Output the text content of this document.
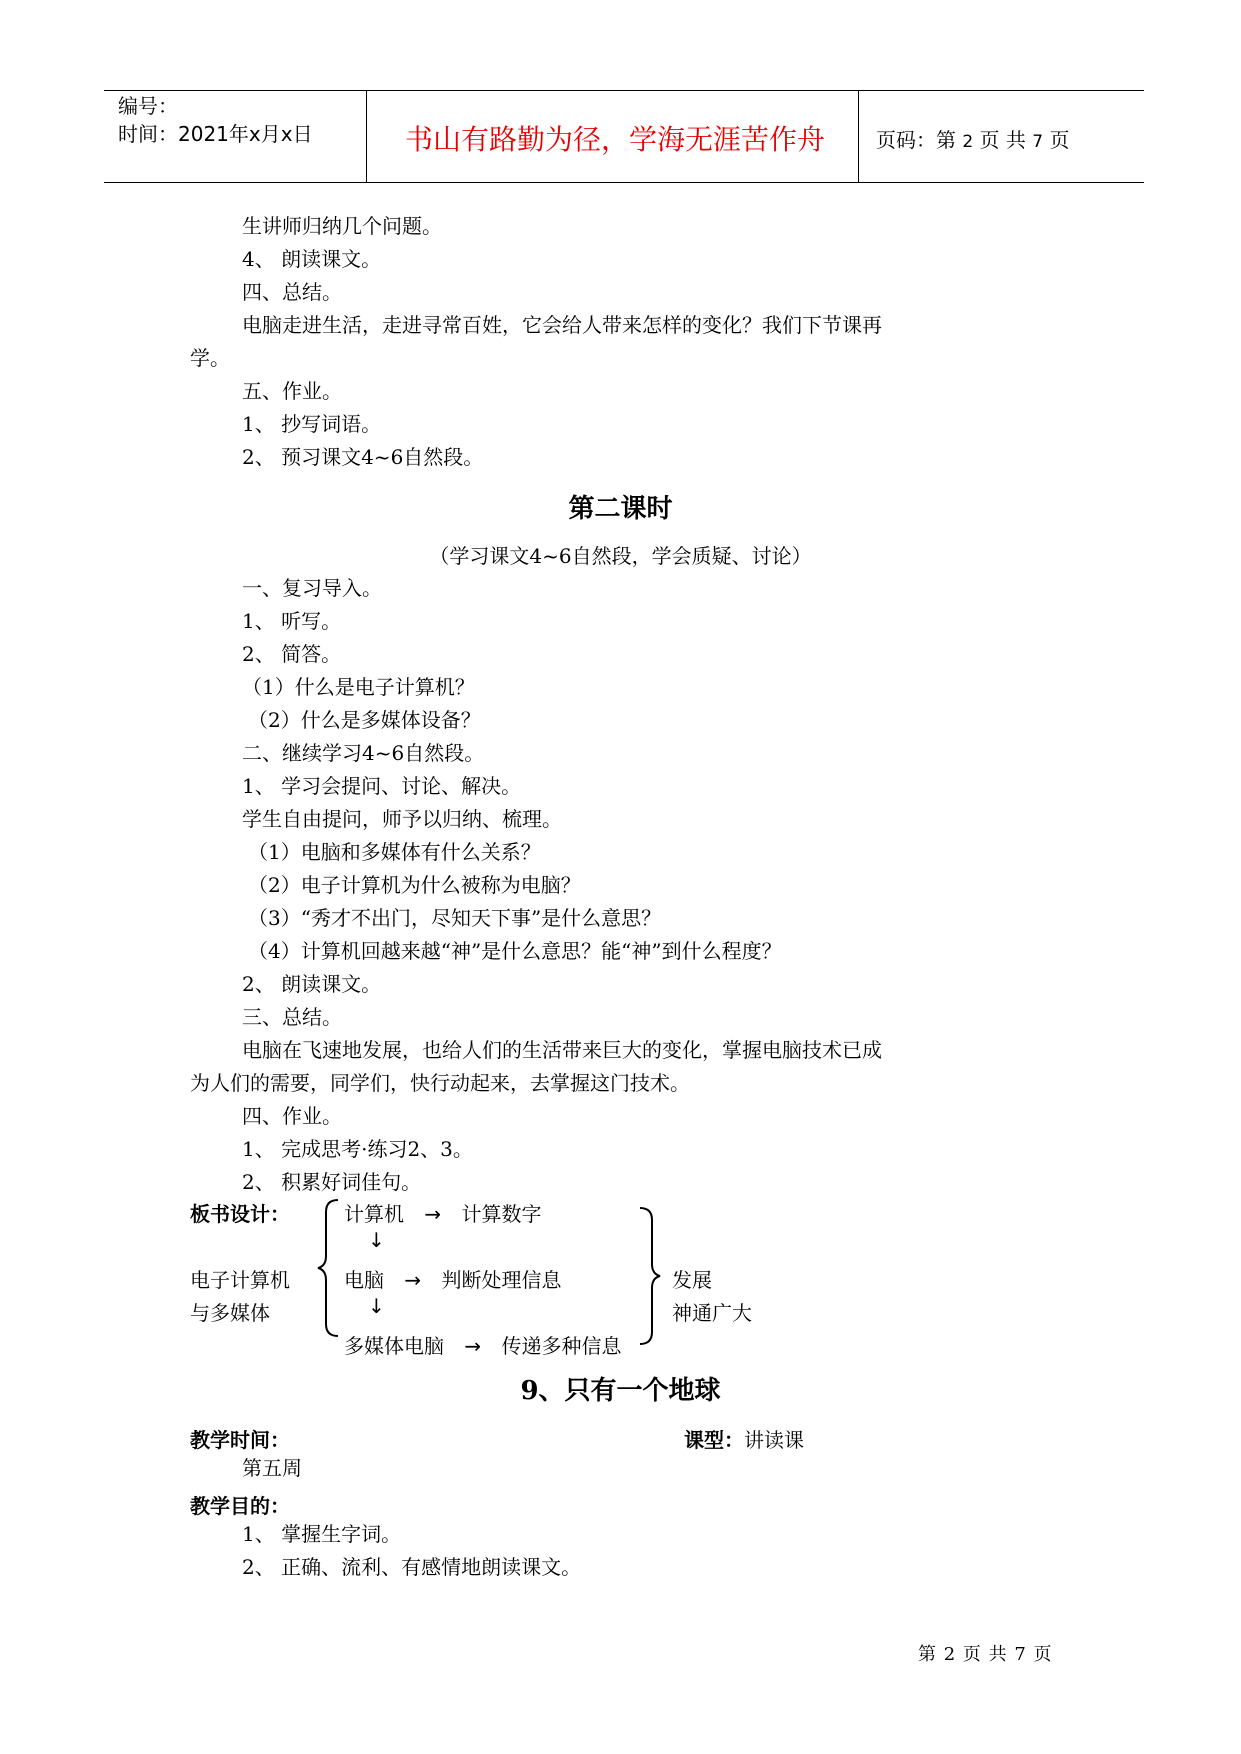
编号：
时间：2021年x月x日	书山有路勤为径，学海无涯苦作舟	页码：第 2 页 共 7 页
生讲师归纳几个问题。
4、 朗读课文。
四、总结。
电脑走进生活，走进寻常百姓，它会给人带来怎样的变化？我们下节课再
学。
五、作业。
1、 抄写词语。
2、 预习课文4~6自然段。
第二课时
（学习课文4~6自然段，学会质疑、讨论）
一、复习导入。
1、 听写。
2、 简答。
（1）什么是电子计算机？
（2）什么是多媒体设备？
二、继续学习4~6自然段。
1、 学习会提问、讨论、解决。
学生自由提问，师予以归纳、梳理。
（1）电脑和多媒体有什么关系？
（2）电子计算机为什么被称为电脑？
（3）“秀才不出门，尽知天下事”是什么意思？
（4）计算机回越来越“神”是什么意思？能“神”到什么程度？
2、 朗读课文。
三、总结。
电脑在飞速地发展，也给人们的生活带来巨大的变化，掌握电脑技术已成
为人们的需要，同学们，快行动起来，去掌握这门技术。
四、作业。
1、 完成思考·练习2、3。
2、 积累好词佳句。
板书设计：
电子计算机
与多媒体
计算机 → 计算数字
↓
电脑 → 判断处理信息
↓
多媒体电脑 → 传递多种信息
发展
神通广大
9、只有一个地球
教学时间：	课型：讲读课
第五周
教学目的：
1、 掌握生字词。
2、 正确、流利、有感情地朗读课文。
第 2 页 共 7 页
